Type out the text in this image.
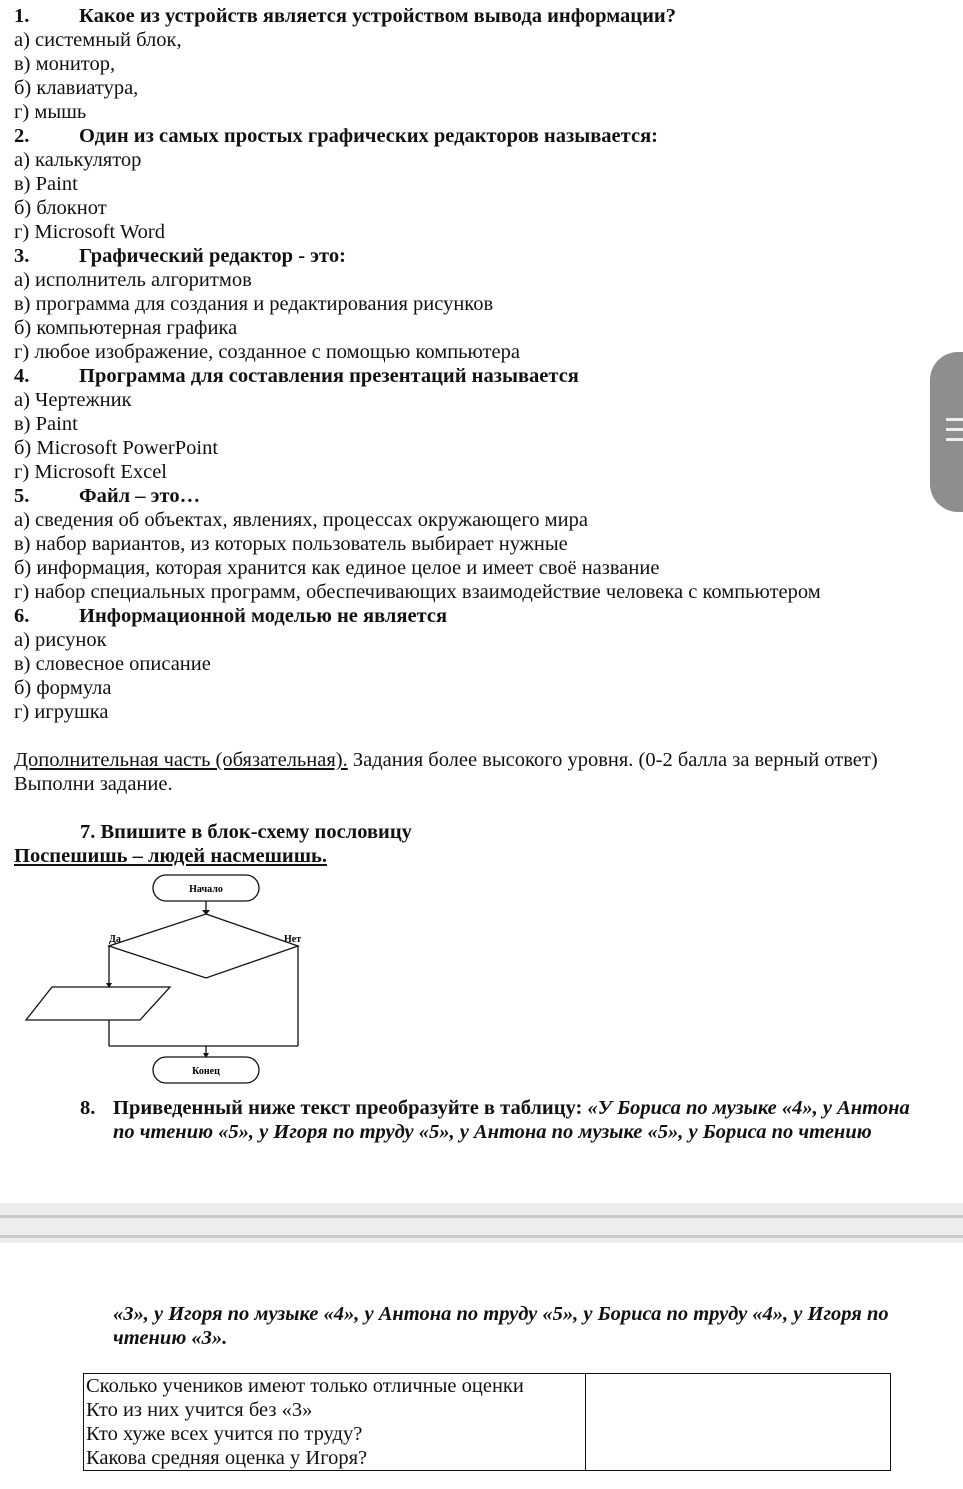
1. Какое из устройств является устройством вывода информации?
а) системный блок,
в) монитор,
б) клавиатура,
г) мышь
2. Один из самых простых графических редакторов называется:
а) калькулятор
в) Paint
б) блокнот
г) Microsoft Word
3. Графический редактор - это:
а) исполнитель алгоритмов
в) программа для создания и редактирования рисунков
б) компьютерная графика
г) любое изображение, созданное с помощью компьютера
4. Программа для составления презентаций называется
а) Чертежник
в) Paint
б) Microsoft PowerPoint
г) Microsoft Excel
5. Файл – это…
а) сведения об объектах, явлениях, процессах окружающего мира
в) набор вариантов, из которых пользователь выбирает нужные
б) информация, которая хранится как единое целое и имеет своё название
г) набор специальных программ, обеспечивающих взаимодействие человека с компьютером
6. Информационной моделью не является
а) рисунок
в) словесное описание
б) формула
г) игрушка
Дополнительная часть (обязательная). Задания более высокого уровня. (0-2 балла за верный ответ)
Выполни задание.
7. Впишите в блок-схему пословицу
Поспешишь – людей насмешишь.
Начало
Конец
Да	Нет
8. Приведенный ниже текст преобразуйте в таблицу: «У Бориса по музыке «4», у Антона
по чтению «5», у Игоря по труду «5», у Антона по музыке «5», у Бориса по чтению
«3», у Игоря по музыке «4», у Антона по труду «5», у Бориса по труду «4», у Игоря по
чтению «3».
Сколько учеников имеют только отличные оценки	
Кто из них учится без «3»	
Кто хуже всех учится по труду?	
Какова средняя оценка у Игоря?	
